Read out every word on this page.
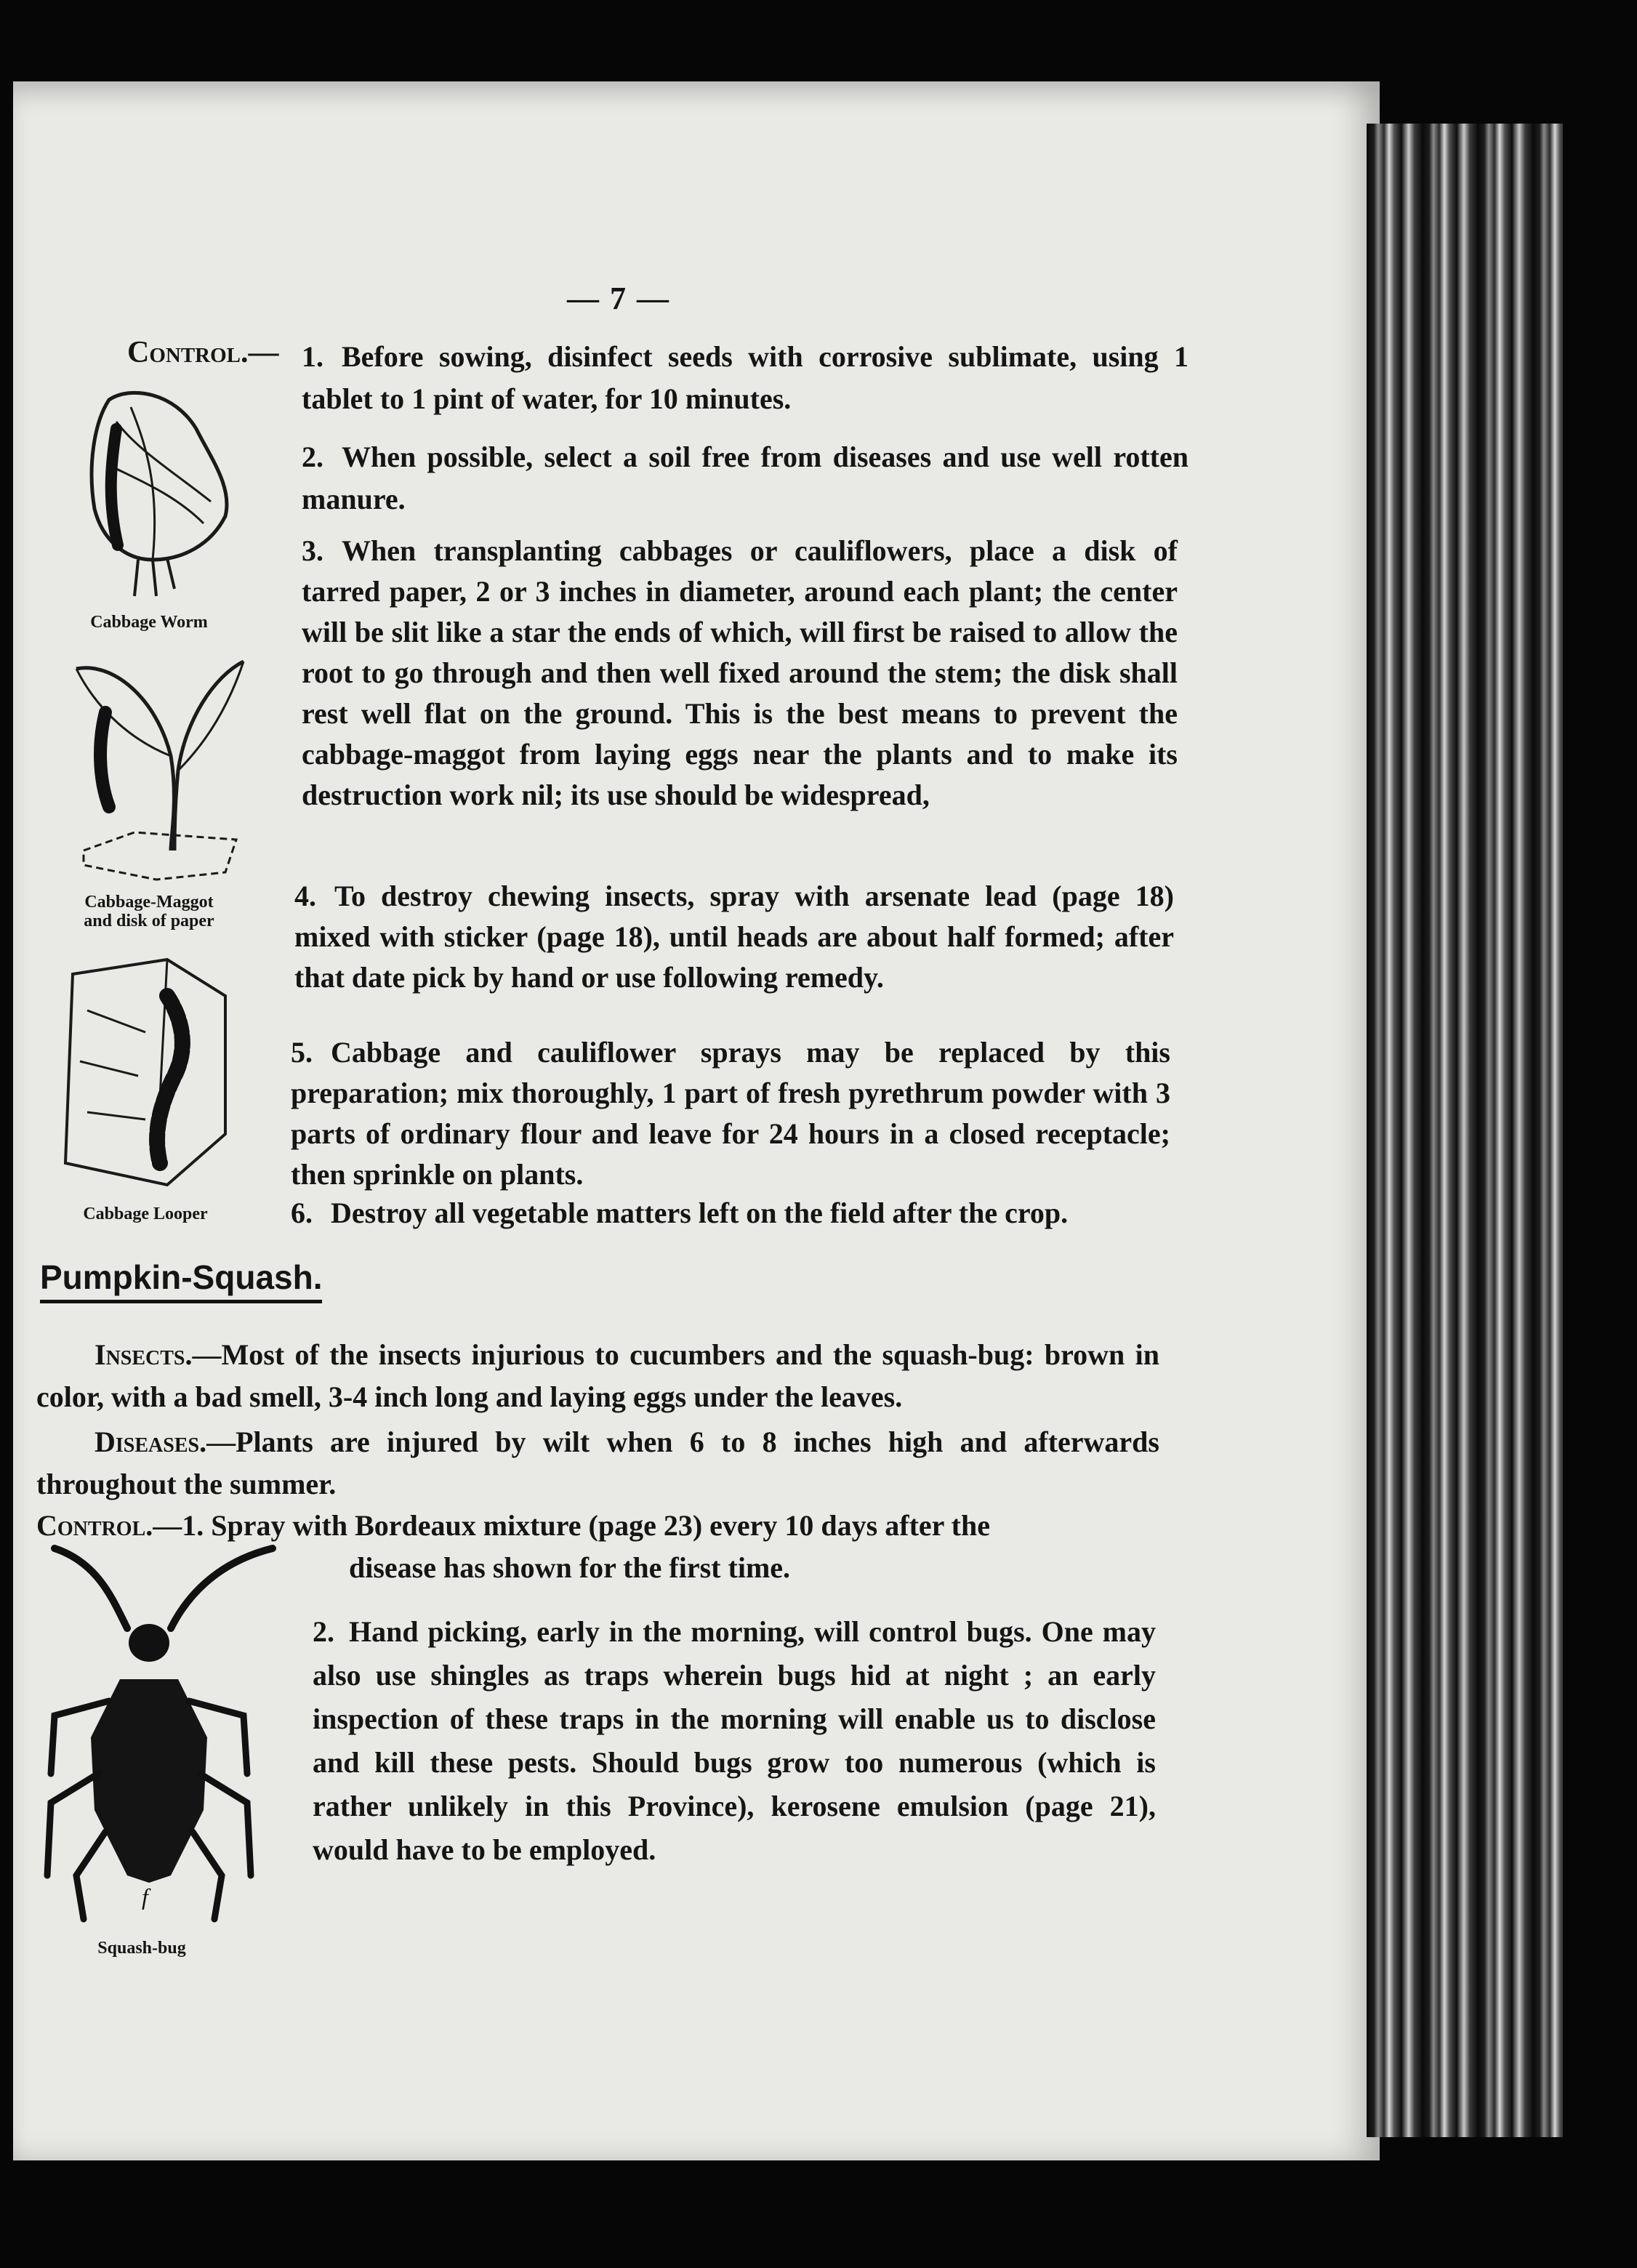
— 7 —
Control.— 1. Before sowing, disinfect seeds with corrosive sublimate, using 1 tablet to 1 pint of water, for 10 minutes.
2. When possible, select a soil free from diseases and use well rotten manure.
3. When transplanting cabbages or cauliflowers, place a disk of tarred paper, 2 or 3 inches in diameter, around each plant; the center will be slit like a star the ends of which, will first be raised to allow the root to go through and then well fixed around the stem; the disk shall rest well flat on the ground. This is the best means to prevent the cabbage-maggot from laying eggs near the plants and to make its destruction work nil; its use should be widespread,
4. To destroy chewing insects, spray with arsenate lead (page 18) mixed with sticker (page 18), until heads are about half formed; after that date pick by hand or use following remedy.
5. Cabbage and cauliflower sprays may be replaced by this preparation; mix thoroughly, 1 part of fresh pyrethrum powder with 3 parts of ordinary flour and leave for 24 hours in a closed receptacle; then sprinkle on plants.
6. Destroy all vegetable matters left on the field after the crop.
Cabbage Worm
Cabbage-Maggot
and disk of paper
Cabbage Looper
Pumpkin-Squash.
Insects.—Most of the insects injurious to cucumbers and the squash-bug: brown in color, with a bad smell, 3-4 inch long and laying eggs under the leaves.
Diseases.—Plants are injured by wilt when 6 to 8 inches high and afterwards throughout the summer.
Control.—1. Spray with Bordeaux mixture (page 23) every 10 days after the
disease has shown for the first time.
2. Hand picking, early in the morning, will control bugs. One may also use shingles as traps wherein bugs hid at night ; an early inspection of these traps in the morning will enable us to disclose and kill these pests. Should bugs grow too numerous (which is rather unlikely in this Province), kerosene emulsion (page 21), would have to be employed.
f
Squash-bug
